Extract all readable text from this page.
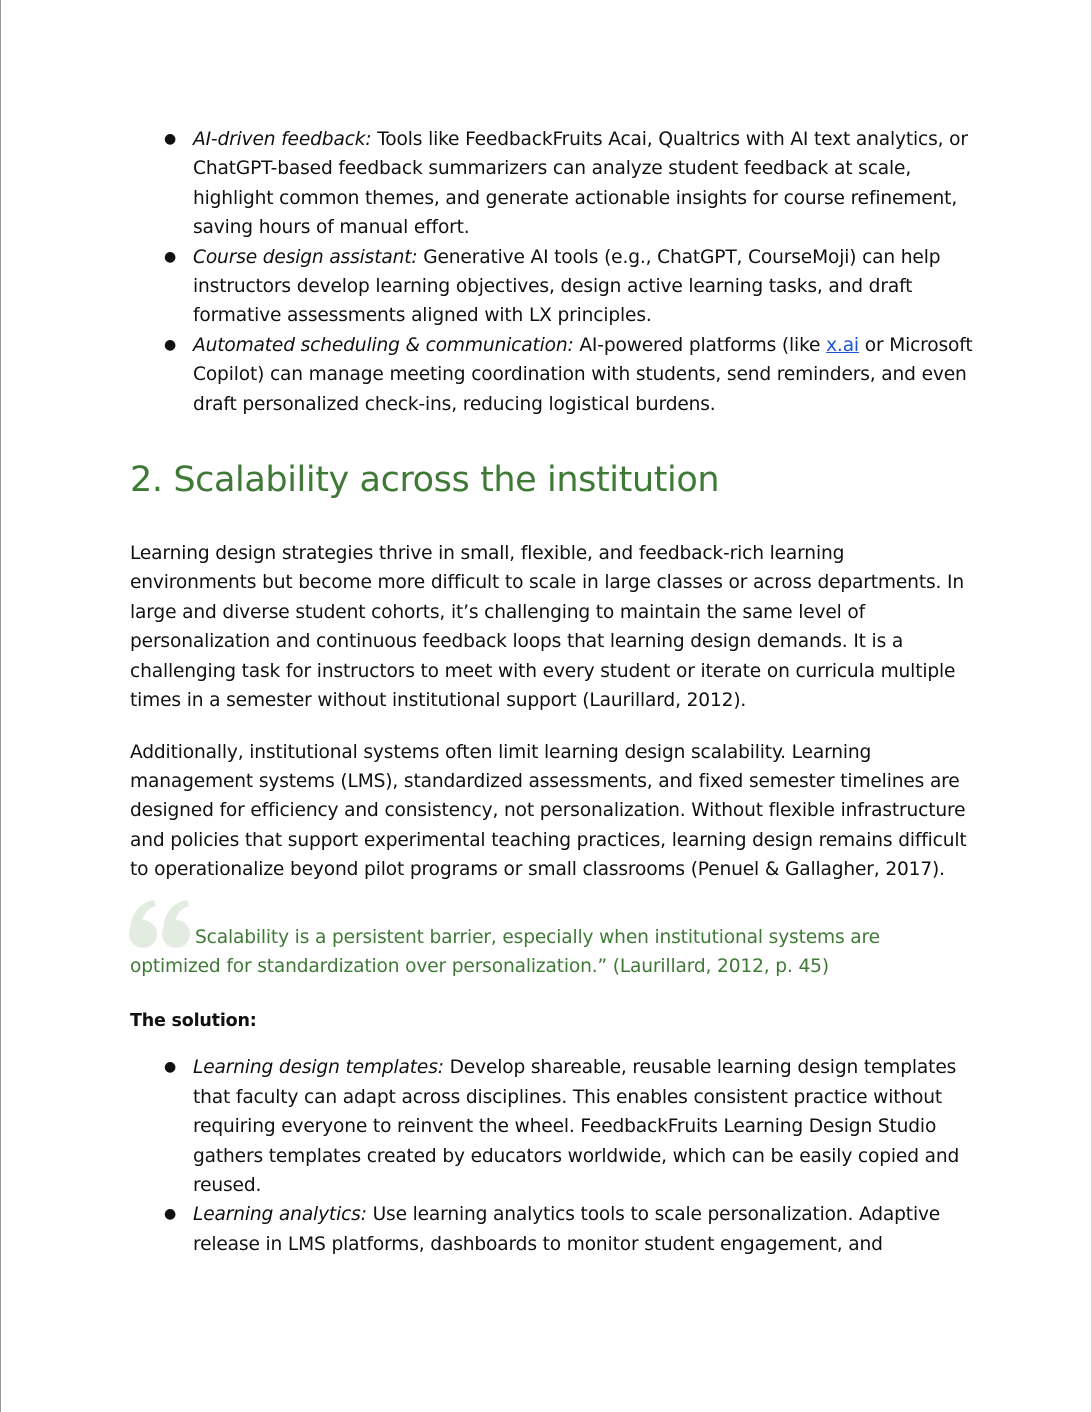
● AI-driven feedback: Tools like FeedbackFruits Acai, Qualtrics with AI text analytics, or ChatGPT-based feedback summarizers can analyze student feedback at scale, highlight common themes, and generate actionable insights for course refinement, saving hours of manual effort.
● Course design assistant: Generative AI tools (e.g., ChatGPT, CourseMoji) can help instructors develop learning objectives, design active learning tasks, and draft formative assessments aligned with LX principles.
● Automated scheduling & communication: AI-powered platforms (like x.ai or Microsoft Copilot) can manage meeting coordination with students, send reminders, and even draft personalized check-ins, reducing logistical burdens.
2. Scalability across the institution

Learning design strategies thrive in small, flexible, and feedback-rich learning environments but become more difficult to scale in large classes or across departments. In large and diverse student cohorts, it’s challenging to maintain the same level of personalization and continuous feedback loops that learning design demands. It is a challenging task for instructors to meet with every student or iterate on curricula multiple times in a semester without institutional support (Laurillard, 2012).

Additionally, institutional systems often limit learning design scalability. Learning management systems (LMS), standardized assessments, and fixed semester timelines are designed for efficiency and consistency, not personalization. Without flexible infrastructure and policies that support experimental teaching practices, learning design remains difficult to operationalize beyond pilot programs or small classrooms (Penuel & Gallagher, 2017).

Scalability is a persistent barrier, especially when institutional systems are optimized for standardization over personalization.” (Laurillard, 2012, p. 45)
The solution:
● Learning design templates: Develop shareable, reusable learning design templates that faculty can adapt across disciplines. This enables consistent practice without requiring everyone to reinvent the wheel. FeedbackFruits Learning Design Studio gathers templates created by educators worldwide, which can be easily copied and reused.
● Learning analytics: Use learning analytics tools to scale personalization. Adaptive release in LMS platforms, dashboards to monitor student engagement, and
